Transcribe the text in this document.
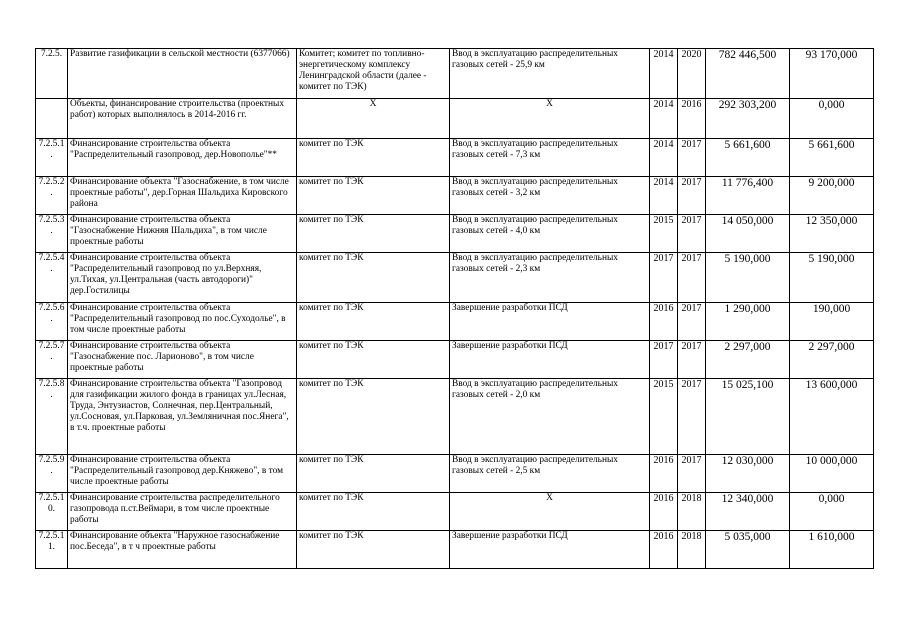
7.2.5.	Развитие газификации в сельской местности (6377066)	Комитет; комитет по топливно-энергетическому комплексу Ленинградской области (далее - комитет по ТЭК)	Ввод в эксплуатацию распределительных газовых сетей - 25,9 км	2014	2020	782 446,500	93 170,000
	Объекты, финансирование строительства (проектных работ) которых выполнялось в 2014-2016 гг.	Х	Х	2014	2016	292 303,200	0,000
7.2.5.1.	Финансирование строительства объекта "Распределительный газопровод, дер.Новополье"**	комитет по ТЭК	Ввод в эксплуатацию распределительных газовых сетей - 7,3 км	2014	2017	5 661,600	5 661,600
7.2.5.2.	Финансирование объекта "Газоснабжение, в том числе проектные работы", дер.Горная Шальдиха Кировского района	комитет по ТЭК	Ввод в эксплуатацию распределительных газовых сетей - 3,2 км	2014	2017	11 776,400	9 200,000
7.2.5.3.	Финансирование строительства объекта "Газоснабжение Нижняя Шальдиха", в том числе проектные работы	комитет по ТЭК	Ввод в эксплуатацию распределительных газовых сетей - 4,0 км	2015	2017	14 050,000	12 350,000
7.2.5.4.	Финансирование строительства объекта "Распределительный газопровод по ул.Верхняя, ул.Тихая, ул.Центральная (часть автодороги)" дер.Гостилицы	комитет по ТЭК	Ввод в эксплуатацию распределительных газовых сетей - 2,3 км	2017	2017	5 190,000	5 190,000
7.2.5.6.	Финансирование строительства объекта "Распределительный газопровод по пос.Суходолье", в том числе проектные работы	комитет по ТЭК	Завершение разработки ПСД	2016	2017	1 290,000	190,000
7.2.5.7.	Финансирование строительства объекта "Газоснабжение пос. Ларионово", в том числе проектные работы	комитет по ТЭК	Завершение разработки ПСД	2017	2017	2 297,000	2 297,000
7.2.5.8.	Финансирование строительства объекта "Газопровод для газификации жилого фонда в границах ул.Лесная, Труда, Энтузиастов, Солнечная, пер.Центральный, ул.Сосновая, ул.Парковая, ул.Земляничная пос.Янега", в т.ч. проектные работы	комитет по ТЭК	Ввод в эксплуатацию распределительных газовых сетей - 2,0 км	2015	2017	15 025,100	13 600,000
7.2.5.9.	Финансирование строительства объекта "Распределительный газопровод дер.Княжево", в том числе проектные работы	комитет по ТЭК	Ввод в эксплуатацию распределительных газовых сетей - 2,5 км	2016	2017	12 030,000	10 000,000
7.2.5.10.	Финансирование строительства распределительного газопровода п.ст.Веймари, в том числе проектные работы	комитет по ТЭК	Х	2016	2018	12 340,000	0,000
7.2.5.11.	Финансирование объекта "Наружное газоснабжение пос.Беседа", в т ч проектные работы	комитет по ТЭК	Завершение разработки ПСД	2016	2018	5 035,000	1 610,000
